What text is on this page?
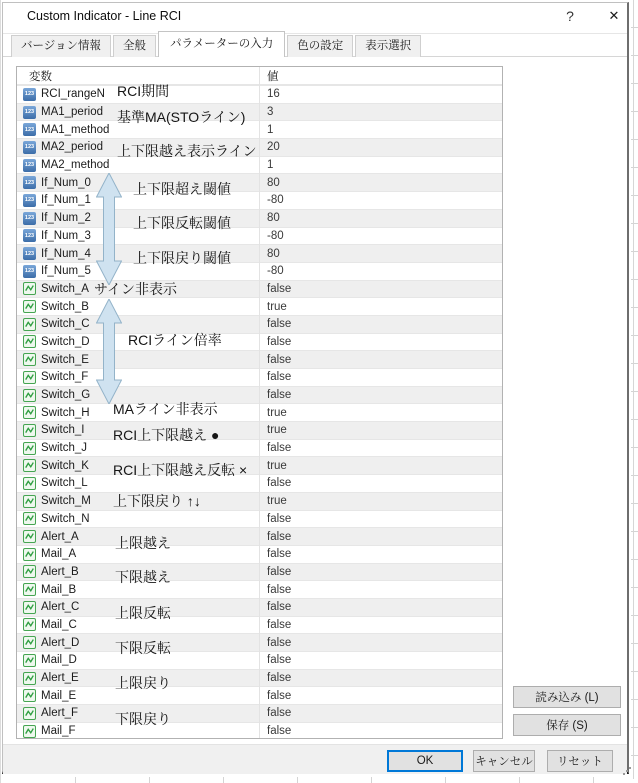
Custom Indicator - Line RCI	?	✕
バージョン情報	全般	パラメーターの入力	色の設定	表示選択
変数	値
123 RCI_rangeN	16
123 MA1_period	3
123 MA1_method	1
123 MA2_period	20
123 MA2_method	1
123 If_Num_0	80
123 If_Num_1	-80
123 If_Num_2	80
123 If_Num_3	-80
123 If_Num_4	80
123 If_Num_5	-80
Switch_A	false
Switch_B	true
Switch_C	false
Switch_D	false
Switch_E	false
Switch_F	false
Switch_G	false
Switch_H	true
Switch_I	true
Switch_J	false
Switch_K	true
Switch_L	false
Switch_M	true
Switch_N	false
Alert_A	false
Mail_A	false
Alert_B	false
Mail_B	false
Alert_C	false
Mail_C	false
Alert_D	false
Mail_D	false
Alert_E	false
Mail_E	false
Alert_F	false
Mail_F	false
RCI期間
基準MA(STOライン)
上下限越え表示ライン
上下限超え閾値
上下限反転閾値
上下限戻り閾値
サイン非表示
RCIライン倍率
MAライン非表示
RCI上下限越え ●
RCI上下限越え反転 ×
上下限戻り ↑↓
上限越え
下限越え
上限反転
下限反転
上限戻り
下限戻り
読み込み (L)
保存 (S)
OK	キャンセル	リセット
